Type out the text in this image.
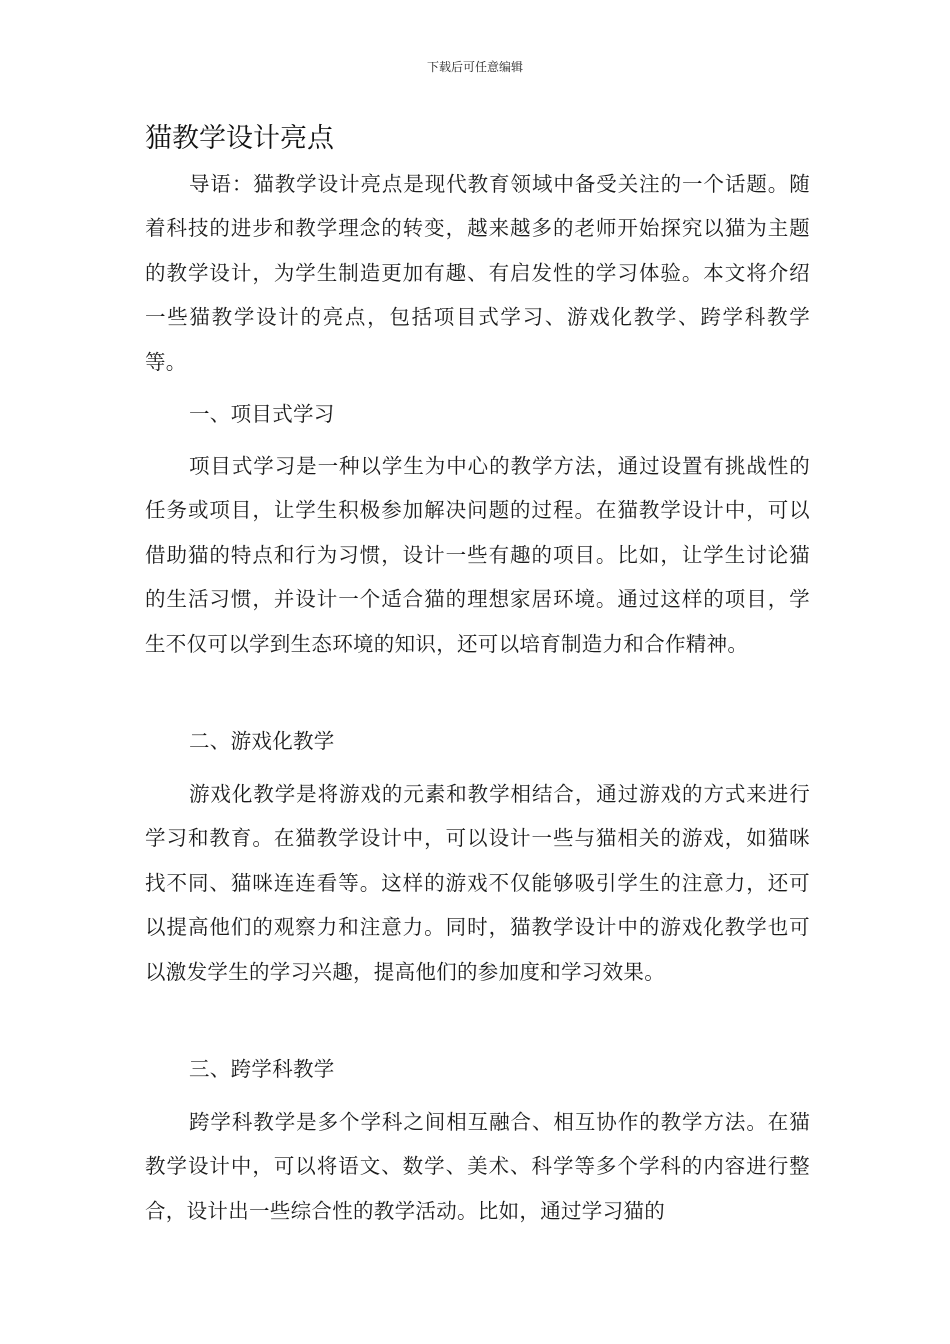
下载后可任意编辑
猫教学设计亮点

导语：猫教学设计亮点是现代教育领域中备受关注的一个话题。随着科技的进步和教学理念的转变，越来越多的老师开始探究以猫为主题的教学设计，为学生制造更加有趣、有启发性的学习体验。本文将介绍一些猫教学设计的亮点，包括项目式学习、游戏化教学、跨学科教学等。

一、项目式学习

项目式学习是一种以学生为中心的教学方法，通过设置有挑战性的任务或项目，让学生积极参加解决问题的过程。在猫教学设计中，可以借助猫的特点和行为习惯，设计一些有趣的项目。比如，让学生讨论猫的生活习惯，并设计一个适合猫的理想家居环境。通过这样的项目，学生不仅可以学到生态环境的知识，还可以培育制造力和合作精神。

二、游戏化教学

游戏化教学是将游戏的元素和教学相结合，通过游戏的方式来进行学习和教育。在猫教学设计中，可以设计一些与猫相关的游戏，如猫咪找不同、猫咪连连看等。这样的游戏不仅能够吸引学生的注意力，还可以提高他们的观察力和注意力。同时，猫教学设计中的游戏化教学也可以激发学生的学习兴趣，提高他们的参加度和学习效果。

三、跨学科教学

跨学科教学是多个学科之间相互融合、相互协作的教学方法。在猫教学设计中，可以将语文、数学、美术、科学等多个学科的内容进行整合，设计出一些综合性的教学活动。比如，通过学习猫的
